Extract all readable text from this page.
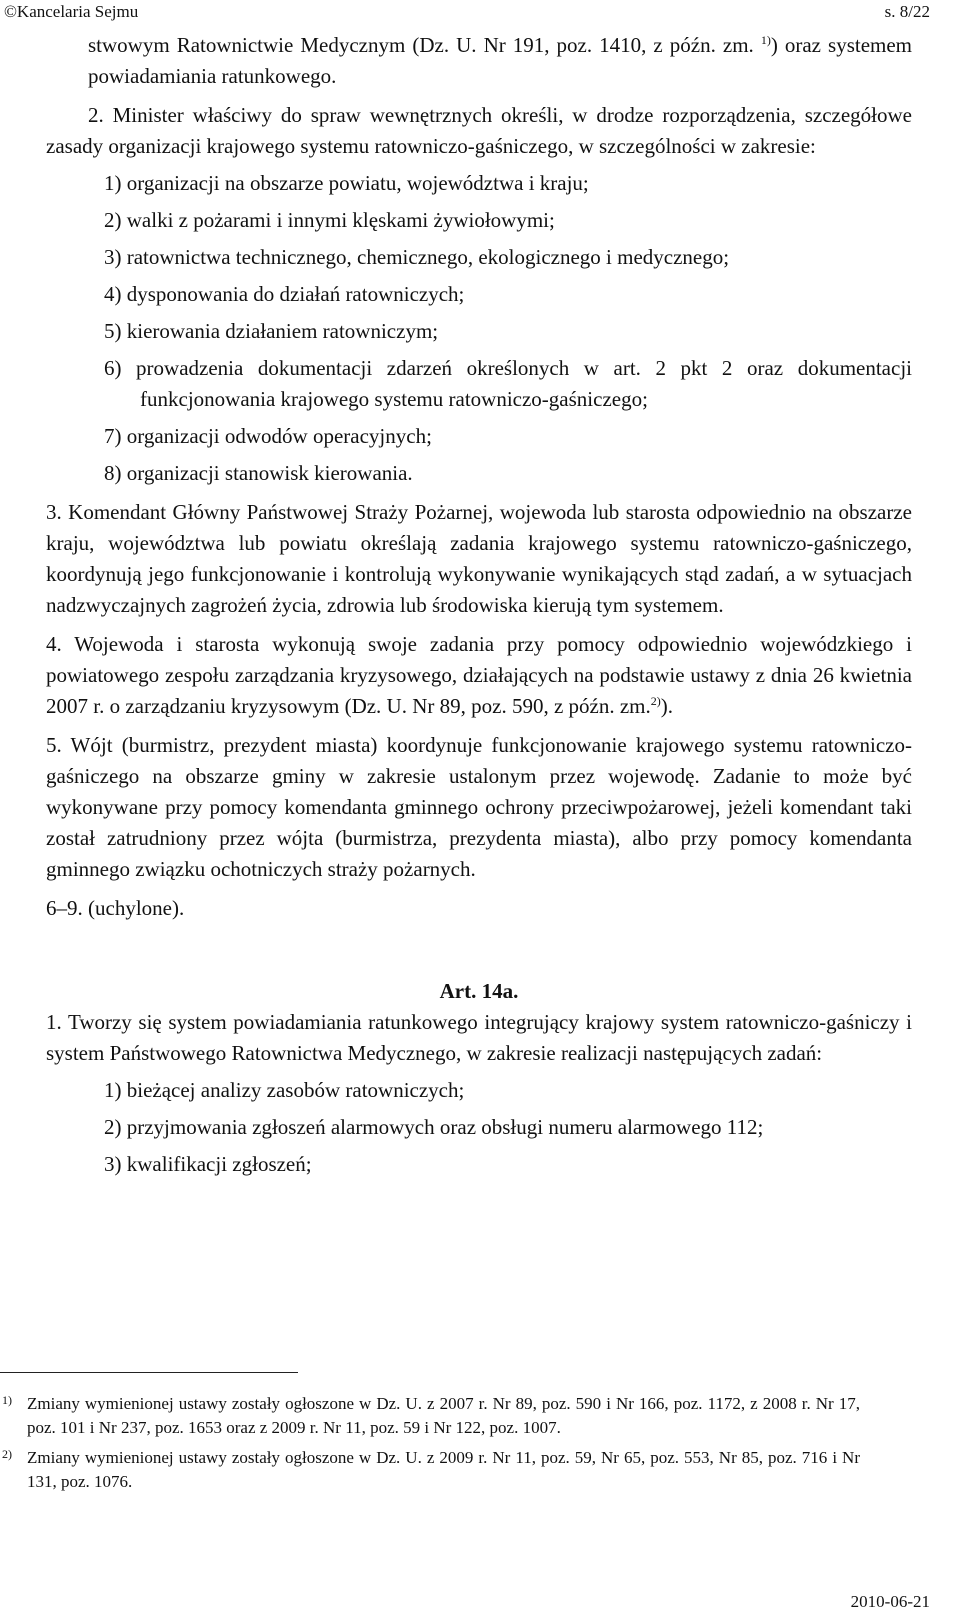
©Kancelaria Sejmu	s. 8/22

stwowym Ratownictwie Medycznym (Dz. U. Nr 191, poz. 1410, z późn. zm. $^{1)}$) oraz systemem powiadamiania ratunkowego.

2. Minister właściwy do spraw wewnętrznych określi, w drodze rozporządzenia, szczegółowe zasady organizacji krajowego systemu ratowniczo-gaśniczego, w szczególności w zakresie:

1) organizacji na obszarze powiatu, województwa i kraju;

2) walki z pożarami i innymi klęskami żywiołowymi;

3) ratownictwa technicznego, chemicznego, ekologicznego i medycznego;

4) dysponowania do działań ratowniczych;

5) kierowania działaniem ratowniczym;

6) prowadzenia dokumentacji zdarzeń określonych w art. 2 pkt 2 oraz dokumentacji funkcjonowania krajowego systemu ratowniczo-gaśniczego;

7) organizacji odwodów operacyjnych;

8) organizacji stanowisk kierowania.

3. Komendant Główny Państwowej Straży Pożarnej, wojewoda lub starosta odpowiednio na obszarze kraju, województwa lub powiatu określają zadania krajowego systemu ratowniczo-gaśniczego, koordynują jego funkcjonowanie i kontrolują wykonywanie wynikających stąd zadań, a w sytuacjach nadzwyczajnych zagrożeń życia, zdrowia lub środowiska kierują tym systemem.

4. Wojewoda i starosta wykonują swoje zadania przy pomocy odpowiednio wojewódzkiego i powiatowego zespołu zarządzania kryzysowego, działających na podstawie ustawy z dnia 26 kwietnia 2007 r. o zarządzaniu kryzysowym (Dz. U. Nr 89, poz. 590, z późn. zm.$^{2)}$).

5. Wójt (burmistrz, prezydent miasta) koordynuje funkcjonowanie krajowego systemu ratowniczo-gaśniczego na obszarze gminy w zakresie ustalonym przez wojewodę. Zadanie to może być wykonywane przy pomocy komendanta gminnego ochrony przeciwpożarowej, jeżeli komendant taki został zatrudniony przez wójta (burmistrza, prezydenta miasta), albo przy pomocy komendanta gminnego związku ochotniczych straży pożarnych.

6–9. (uchylone).

Art. 14a.

1. Tworzy się system powiadamiania ratunkowego integrujący krajowy system ratowniczo-gaśniczy i system Państwowego Ratownictwa Medycznego, w zakresie realizacji następujących zadań:

1) bieżącej analizy zasobów ratowniczych;

2) przyjmowania zgłoszeń alarmowych oraz obsługi numeru alarmowego 112;

3) kwalifikacji zgłoszeń;

1) Zmiany wymienionej ustawy zostały ogłoszone w Dz. U. z 2007 r. Nr 89, poz. 590 i Nr 166, poz. 1172, z 2008 r. Nr 17, poz. 101 i Nr 237, poz. 1653 oraz z 2009 r. Nr 11, poz. 59 i Nr 122, poz. 1007.
2) Zmiany wymienionej ustawy zostały ogłoszone w Dz. U. z 2009 r. Nr 11, poz. 59, Nr 65, poz. 553, Nr 85, poz. 716 i Nr 131, poz. 1076.
2010-06-21
